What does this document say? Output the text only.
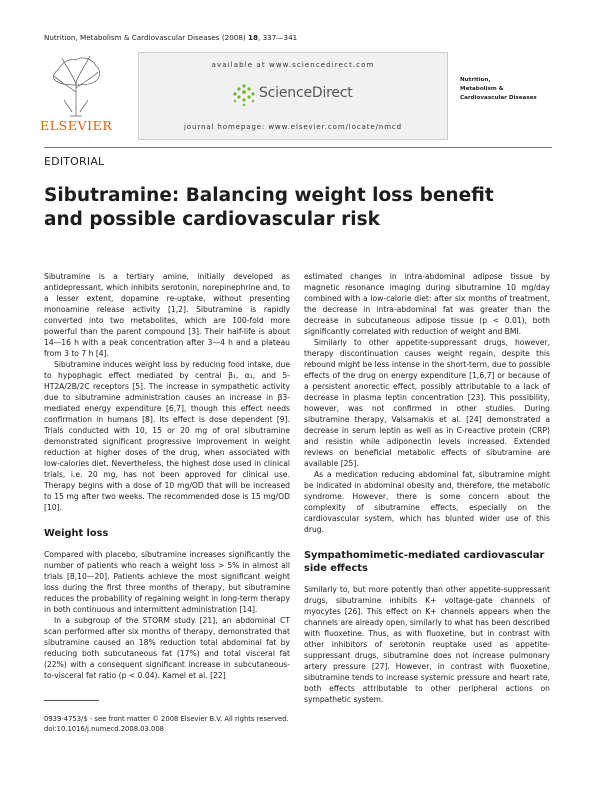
Nutrition, Metabolism & Cardiovascular Diseases (2008) 18, 337—341
ELSEVIER
available at www.sciencedirect.com
ScienceDirect
journal homepage: www.elsevier.com/locate/nmcd
Nutrition,
Metabolism &
Cardiovascular Diseases
EDITORIAL
Sibutramine: Balancing weight loss benefit
and possible cardiovascular risk

Sibutramine is a tertiary amine, initially developed as antidepressant, which inhibits serotonin, norepinephrine and, to a lesser extent, dopamine re-uptake, without presenting monoamine release activity [1,2]. Sibutramine is rapidly converted into two metabolites, which are 100-fold more powerful than the parent compound [3]. Their half-life is about 14—16 h with a peak concentration after 3—4 h and a plateau from 3 to 7 h [4].

Sibutramine induces weight loss by reducing food intake, due to hypophagic effect mediated by central β₁, α₁, and 5-HT2A/2B/2C receptors [5]. The increase in sympathetic activity due to sibutramine administration causes an increase in β3-mediated energy expenditure [6,7], though this effect needs confirmation in humans [8]. Its effect is dose dependent [9]. Trials conducted with 10, 15 or 20 mg of oral sibutramine demonstrated significant progressive improvement in weight reduction at higher doses of the drug, when associated with low-calories diet. Nevertheless, the highest dose used in clinical trials, i.e. 20 mg, has not been approved for clinical use. Therapy begins with a dose of 10 mg/OD that will be increased to 15 mg after two weeks. The recommended dose is 15 mg/OD [10].

Weight loss

Compared with placebo, sibutramine increases significantly the number of patients who reach a weight loss > 5% in almost all trials [8,10—20]. Patients achieve the most significant weight loss during the first three months of therapy, but sibutramine reduces the probability of regaining weight in long-term therapy in both continuous and intermittent administration [14].

In a subgroup of the STORM study [21], an abdominal CT scan performed after six months of therapy, demonstrated that sibutramine caused an 18% reduction total abdominal fat by reducing both subcutaneous fat (17%) and total visceral fat (22%) with a consequent significant increase in subcutaneous-to-visceral fat ratio (p < 0.04). Kamel et al. [22]

estimated changes in intra-abdominal adipose tissue by magnetic resonance imaging during sibutramine 10 mg/day combined with a low-calorie diet: after six months of treatment, the decrease in intra-abdominal fat was greater than the decrease in subcutaneous adipose tissue (p < 0.01), both significantly correlated with reduction of weight and BMI.

Similarly to other appetite-suppressant drugs, however, therapy discontinuation causes weight regain, despite this rebound might be less intense in the short-term, due to possible effects of the drug on energy expenditure [1,6,7] or because of a persistent anorectic effect, possibly attributable to a lack of decrease in plasma leptin concentration [23]. This possibility, however, was not confirmed in other studies. During sibutramine therapy, Valsamakis et al. [24] demonstrated a decrease in serum leptin as well as in C-reactive protein (CRP) and resistin while adiponectin levels increased. Extended reviews on beneficial metabolic effects of sibutramine are available [25].

As a medication reducing abdominal fat, sibutramine might be indicated in abdominal obesity and, therefore, the metabolic syndrome. However, there is some concern about the complexity of sibutramine effects, especially on the cardiovascular system, which has blunted wider use of this drug.

Sympathomimetic-mediated cardiovascular
side effects

Similarly to, but more potently than other appetite-suppressant drugs, sibutramine inhibits K+ voltage-gate channels of myocytes [26]. This effect on K+ channels appears when the channels are already open, similarly to what has been described with fluoxetine. Thus, as with fluoxetine, but in contrast with other inhibitors of serotonin reuptake used as appetite-suppressant drugs, sibutramine does not increase pulmonary artery pressure [27]. However, in contrast with fluoxetine, sibutramine tends to increase systemic pressure and heart rate, both effects attributable to other peripheral actions on sympathetic system.

0939-4753/$ - see front matter © 2008 Elsevier B.V. All rights reserved.
doi:10.1016/j.numecd.2008.03.008
